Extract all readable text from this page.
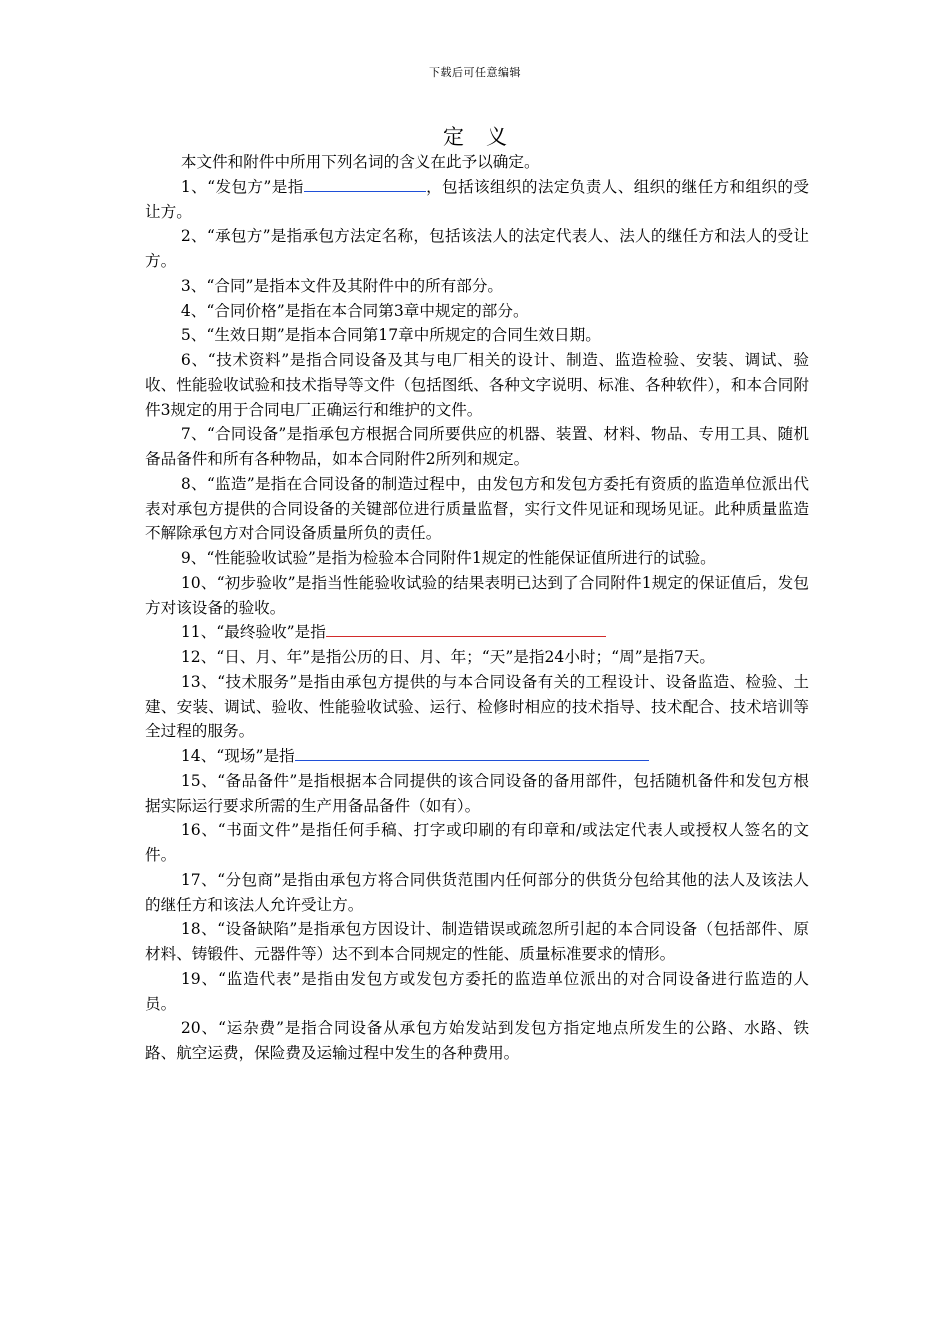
下载后可任意编辑
定义

本文件和附件中所用下列名词的含义在此予以确定。

1、“发包方”是指	，包括该组织的法定负责人、组织的继任方和组织的受让方。

2、“承包方”是指承包方法定名称，包括该法人的法定代表人、法人的继任方和法人的受让方。

3、“合同”是指本文件及其附件中的所有部分。

4、“合同价格”是指在本合同第3章中规定的部分。

5、“生效日期”是指本合同第17章中所规定的合同生效日期。

6、“技术资料”是指合同设备及其与电厂相关的设计、制造、监造检验、安装、调试、验收、性能验收试验和技术指导等文件（包括图纸、各种文字说明、标准、各种软件），和本合同附件3规定的用于合同电厂正确运行和维护的文件。

7、“合同设备”是指承包方根据合同所要供应的机器、装置、材料、物品、专用工具、随机备品备件和所有各种物品，如本合同附件2所列和规定。

8、“监造”是指在合同设备的制造过程中，由发包方和发包方委托有资质的监造单位派出代表对承包方提供的合同设备的关键部位进行质量监督，实行文件见证和现场见证。此种质量监造不解除承包方对合同设备质量所负的责任。

9、“性能验收试验”是指为检验本合同附件1规定的性能保证值所进行的试验。

10、“初步验收”是指当性能验收试验的结果表明已达到了合同附件1规定的保证值后，发包方对该设备的验收。

11、“最终验收”是指

12、“日、月、年”是指公历的日、月、年；“天”是指24小时；“周”是指7天。

13、“技术服务”是指由承包方提供的与本合同设备有关的工程设计、设备监造、检验、土建、安装、调试、验收、性能验收试验、运行、检修时相应的技术指导、技术配合、技术培训等全过程的服务。

14、“现场”是指

15、“备品备件”是指根据本合同提供的该合同设备的备用部件，包括随机备件和发包方根据实际运行要求所需的生产用备品备件（如有）。

16、“书面文件”是指任何手稿、打字或印刷的有印章和/或法定代表人或授权人签名的文件。

17、“分包商”是指由承包方将合同供货范围内任何部分的供货分包给其他的法人及该法人的继任方和该法人允许受让方。

18、“设备缺陷”是指承包方因设计、制造错误或疏忽所引起的本合同设备（包括部件、原材料、铸锻件、元器件等）达不到本合同规定的性能、质量标准要求的情形。

19、“监造代表”是指由发包方或发包方委托的监造单位派出的对合同设备进行监造的人员。

20、“运杂费”是指合同设备从承包方始发站到发包方指定地点所发生的公路、水路、铁路、航空运费，保险费及运输过程中发生的各种费用。
